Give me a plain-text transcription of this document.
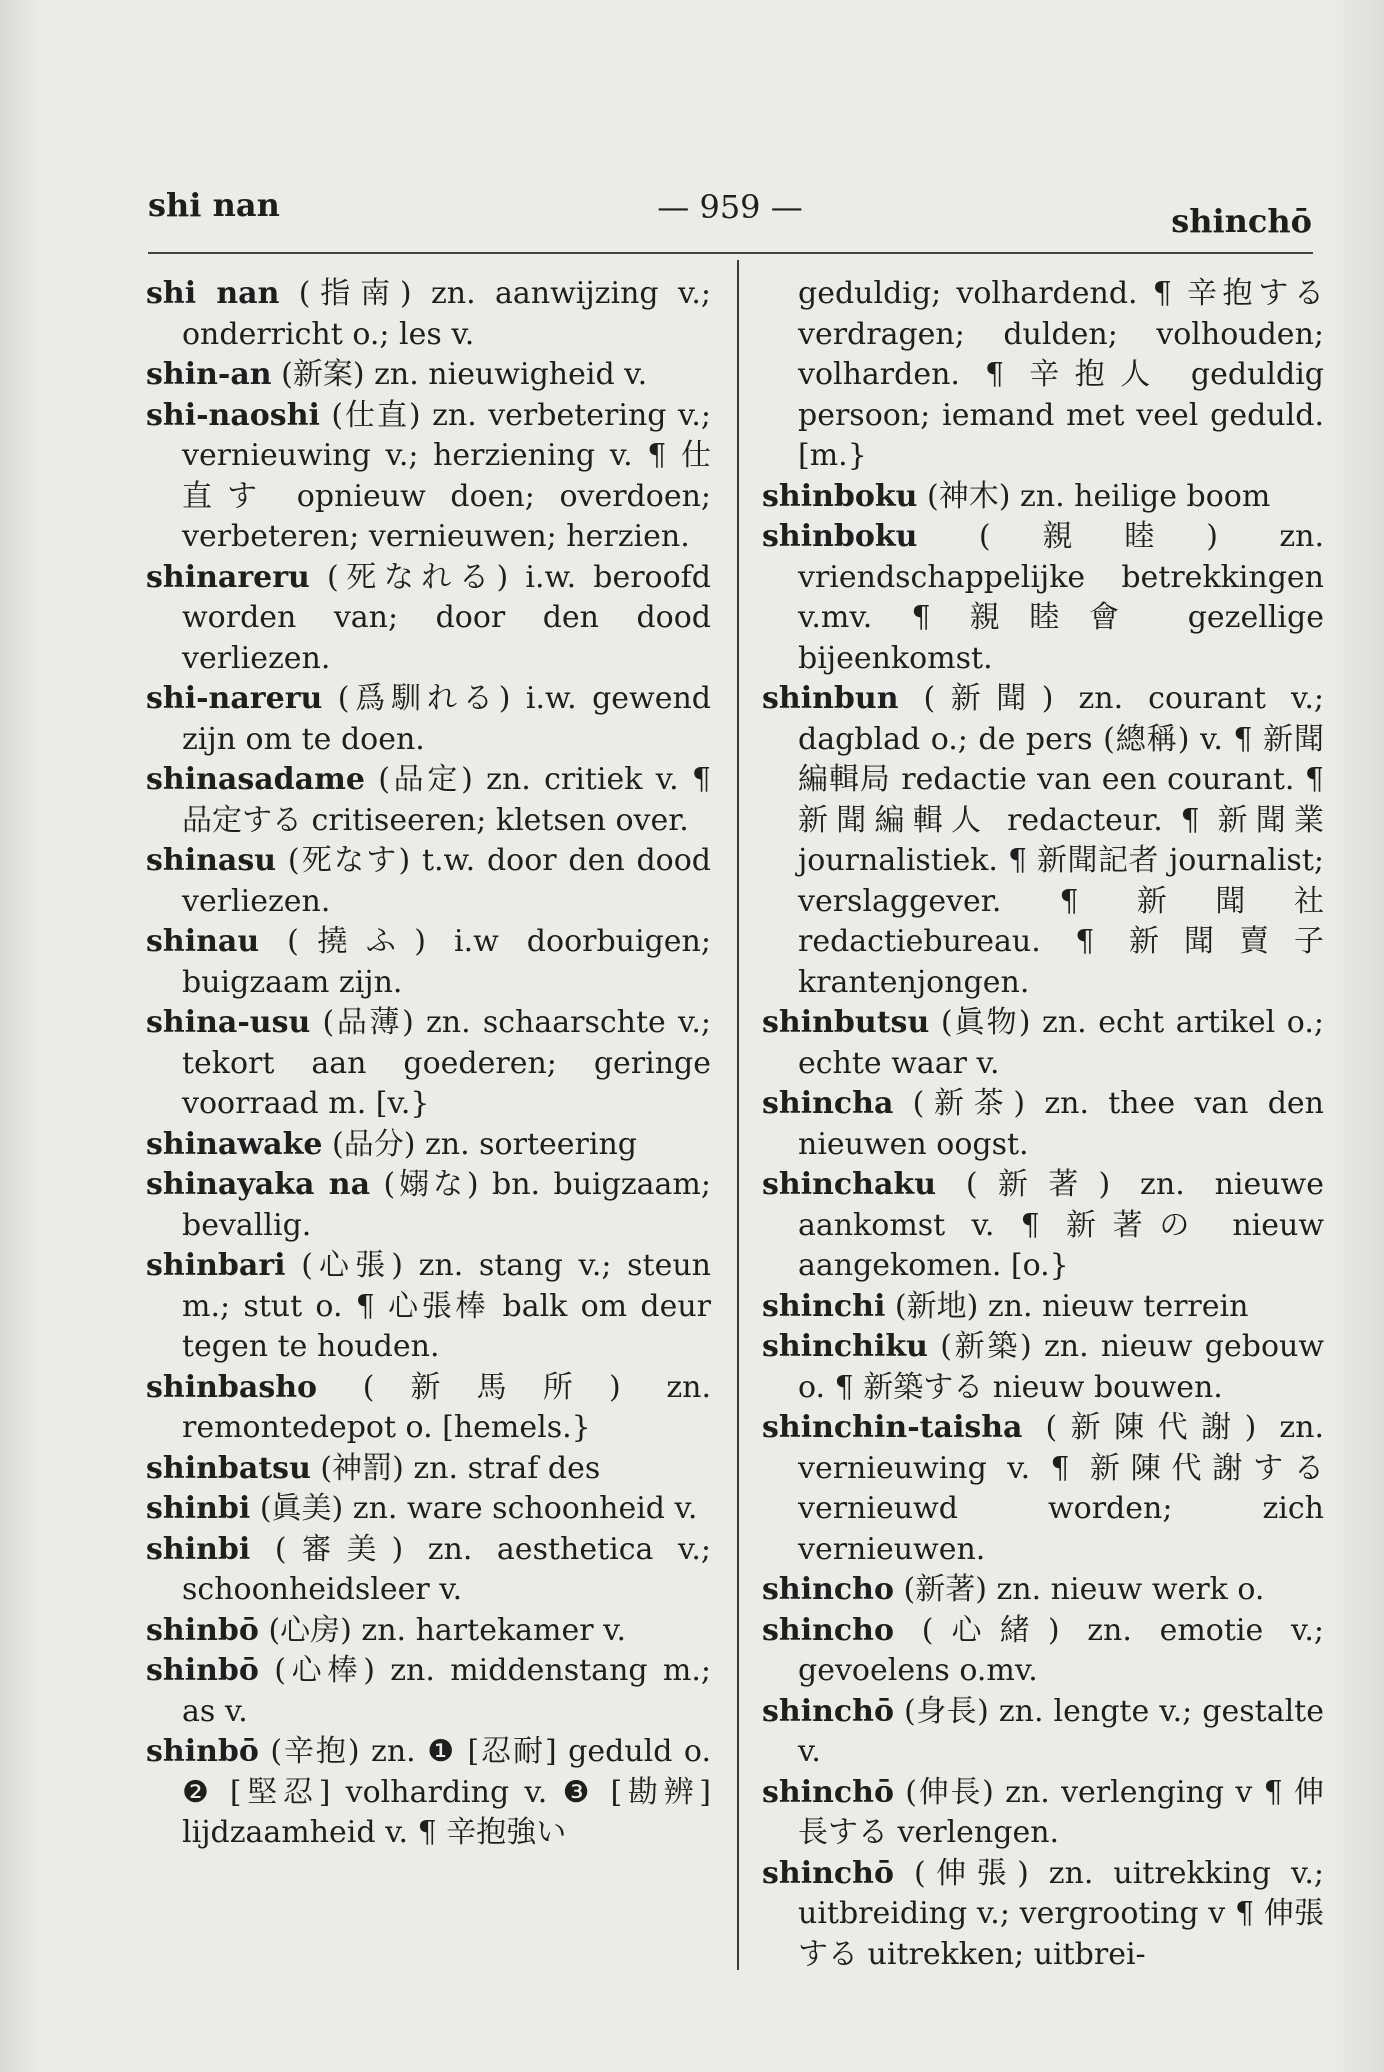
shi nan	— 959 —	shinchō

shi nan (指南) zn. aanwijzing v.; onderricht o.; les v.

shin-an (新案) zn. nieuwigheid v.

shi-naoshi (仕直) zn. verbetering v.; vernieuwing v.; herziening v. ¶ 仕直す opnieuw doen; overdoen; verbeteren; vernieuwen; herzien.

shinareru (死なれる) i.w. beroofd worden van; door den dood verliezen.

shi-nareru (爲馴れる) i.w. gewend zijn om te doen.

shinasadame (品定) zn. critiek v. ¶ 品定する critiseeren; kletsen over.

shinasu (死なす) t.w. door den dood verliezen.

shinau (撓ふ) i.w doorbuigen; buigzaam zijn.

shina-usu (品薄) zn. schaarschte v.; tekort aan goederen; geringe voorraad m. [v.}

shinawake (品分) zn. sorteering

shinayaka na (嫋な) bn. buigzaam; bevallig.

shinbari (心張) zn. stang v.; steun m.; stut o. ¶ 心張棒 balk om deur tegen te houden.

shinbasho (新馬所) zn. remontedepot o. [hemels.}

shinbatsu (神罰) zn. straf des

shinbi (眞美) zn. ware schoonheid v.

shinbi (審美) zn. aesthetica v.; schoonheidsleer v.

shinbō (心房) zn. hartekamer v.

shinbō (心棒) zn. middenstang m.; as v.

shinbō (辛抱) zn. ❶ [忍耐] geduld o. ❷ [堅忍] volharding v. ❸ [勘辨] lijdzaamheid v. ¶ 辛抱強い

geduldig; volhardend. ¶ 辛抱する verdragen; dulden; volhouden; volharden. ¶ 辛抱人 geduldig persoon; iemand met veel geduld. [m.}

shinboku (神木) zn. heilige boom

shinboku (親睦) zn. vriendschappelijke betrekkingen v.mv. ¶ 親睦會 gezellige bijeenkomst.

shinbun (新聞) zn. courant v.; dagblad o.; de pers (總稱) v. ¶ 新聞編輯局 redactie van een courant. ¶ 新聞編輯人 redacteur. ¶ 新聞業 journalistiek. ¶ 新聞記者 journalist; verslaggever. ¶ 新聞社 redactiebureau. ¶ 新聞賣子 krantenjongen.

shinbutsu (眞物) zn. echt artikel o.; echte waar v.

shincha (新茶) zn. thee van den nieuwen oogst.

shinchaku (新著) zn. nieuwe aankomst v. ¶ 新著の nieuw aangekomen. [o.}

shinchi (新地) zn. nieuw terrein

shinchiku (新築) zn. nieuw gebouw o. ¶ 新築する nieuw bouwen.

shinchin-taisha (新陳代謝) zn. vernieuwing v. ¶ 新陳代謝する vernieuwd worden; zich vernieuwen.

shincho (新著) zn. nieuw werk o.

shincho (心緒) zn. emotie v.; gevoelens o.mv.

shinchō (身長) zn. lengte v.; gestalte v.

shinchō (伸長) zn. verlenging v ¶ 伸長する verlengen.

shinchō (伸張) zn. uitrekking v.; uitbreiding v.; vergrooting v ¶ 伸張する uitrekken; uitbrei-
